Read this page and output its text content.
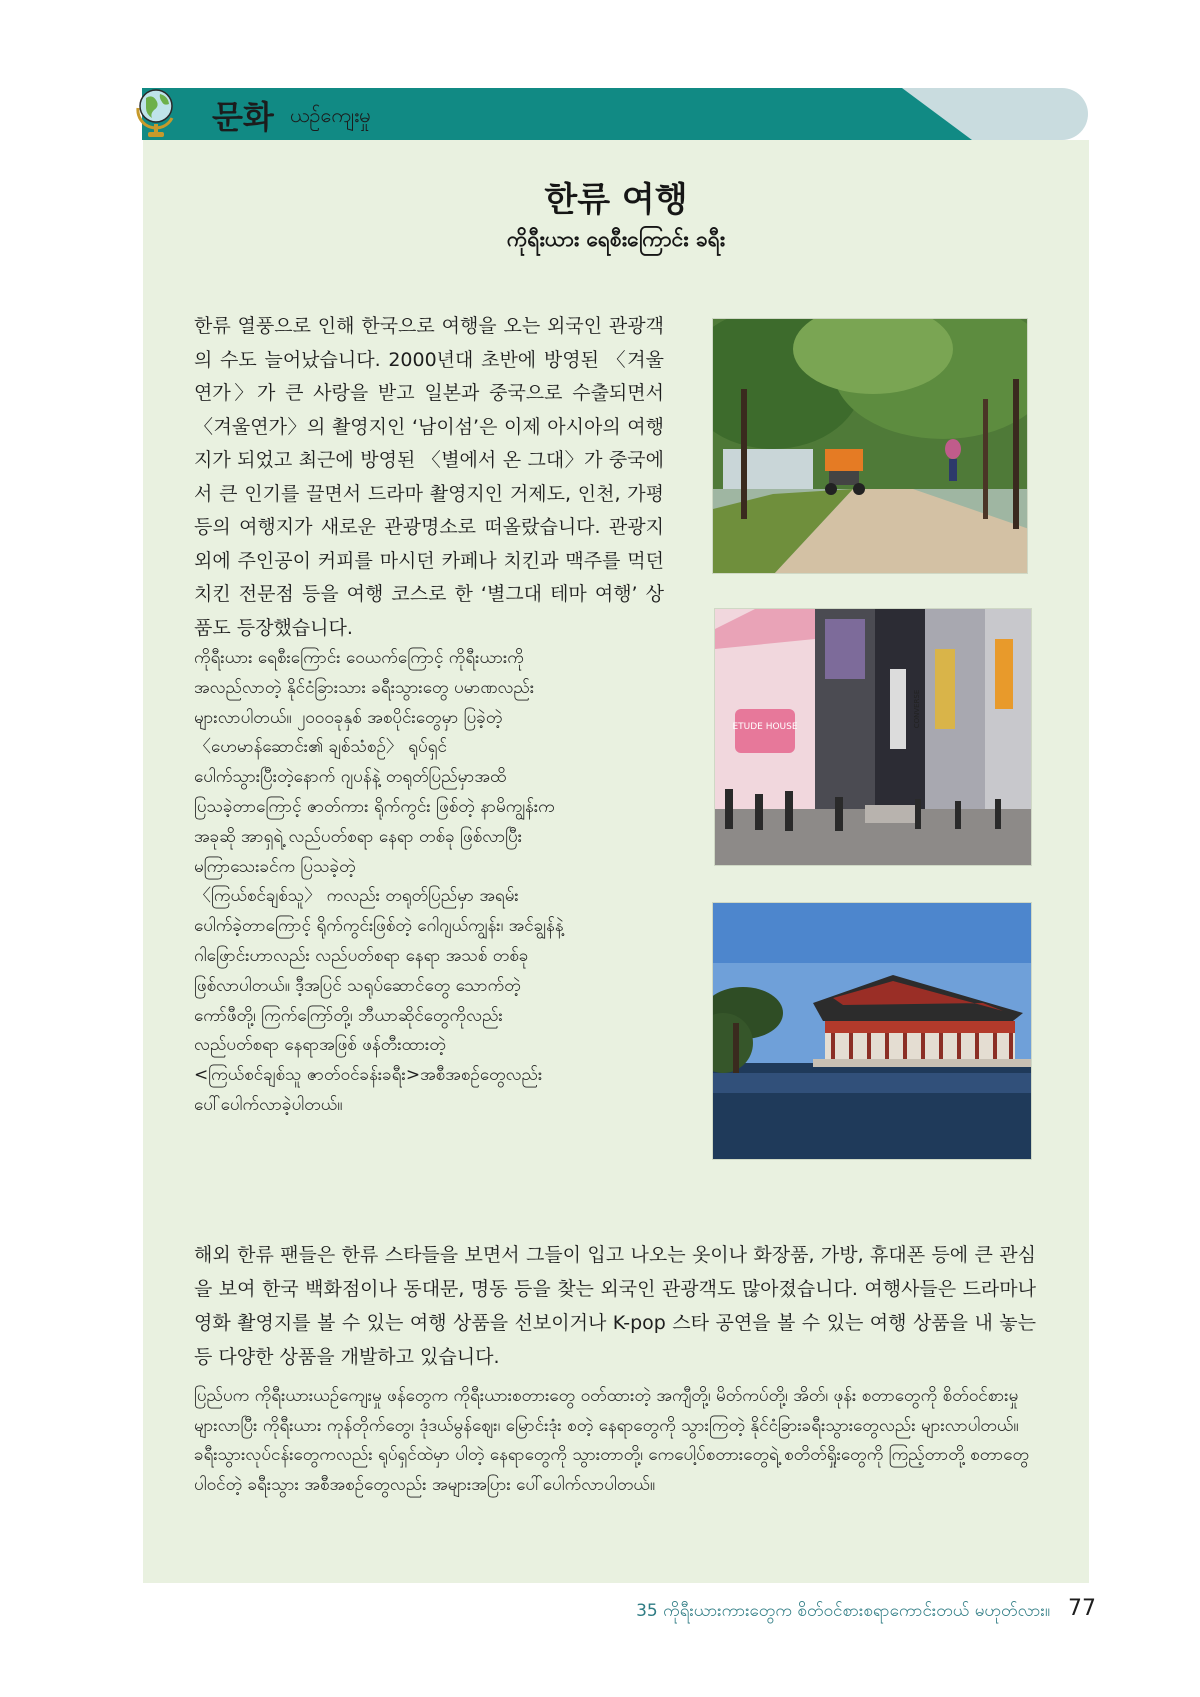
문화 ယဉ်ကျေးမှု
한류 여행
ကိုရီးယား ရေစီးကြောင်း ခရီး

한류 열풍으로 인해 한국으로 여행을 오는 외국인 관광객의 수도 늘어났습니다. 2000년대 초반에 방영된 〈겨울연가〉가 큰 사랑을 받고 일본과 중국으로 수출되면서 〈겨울연가〉의 촬영지인 ‘남이섬’은 이제 아시아의 여행지가 되었고 최근에 방영된 〈별에서 온 그대〉가 중국에서 큰 인기를 끌면서 드라마 촬영지인 거제도, 인천, 가평 등의 여행지가 새로운 관광명소로 떠올랐습니다. 관광지 외에 주인공이 커피를 마시던 카페나 치킨과 맥주를 먹던 치킨 전문점 등을 여행 코스로 한 ‘별그대 테마 여행’ 상품도 등장했습니다.

ကိုရီးယား ရေစီးကြောင်း ဝေယက်ကြောင့် ကိုရီးယားကို
အလည်လာတဲ့ နိုင်ငံခြားသား ခရီးသွားတွေ ပမာဏလည်း
များလာပါတယ်။ ၂၀၀၀ခုနှစ် အစပိုင်းတွေမှာ ပြခဲ့တဲ့
〈ဟေမာန်ဆောင်း၏ ချစ်သံစဉ်〉 ရုပ်ရှင်
ပေါက်သွားပြီးတဲ့နောက် ဂျပန်နဲ့ တရုတ်ပြည်မှာအထိ
ပြသခဲ့တာကြောင့် ဇာတ်ကား ရိုက်ကွင်း ဖြစ်တဲ့ နာမိကျွန်းက
အခုဆို အာရှရဲ့ လည်ပတ်စရာ နေရာ တစ်ခု ဖြစ်လာပြီး
မကြာသေးခင်က ပြသခဲ့တဲ့
〈ကြယ်စင်ချစ်သူ〉 ကလည်း တရုတ်ပြည်မှာ အရမ်း
ပေါက်ခဲ့တာကြောင့် ရိုက်ကွင်းဖြစ်တဲ့ ဂေါဂျယ်ကျွန်း၊ အင်ချွန်နဲ့
ဂါဖြောင်းဟာလည်း လည်ပတ်စရာ နေရာ အသစ် တစ်ခု
ဖြစ်လာပါတယ်။ ဒီ့အပြင် သရုပ်ဆောင်တွေ သောက်တဲ့
ကော်ဖီတို့၊ ကြက်ကြော်တို့၊ ဘီယာဆိုင်တွေကိုလည်း
လည်ပတ်စရာ နေရာအဖြစ် ဖန်တီးထားတဲ့
<ကြယ်စင်ချစ်သူ ဇာတ်ဝင်ခန်းခရီး>အစီအစဉ်တွေလည်း
ပေါ်ပေါက်လာခဲ့ပါတယ်။

ETUDE HOUSE	CONVERSE

해외 한류 팬들은 한류 스타들을 보면서 그들이 입고 나오는 옷이나 화장품, 가방, 휴대폰 등에 큰 관심을 보여 한국 백화점이나 동대문, 명동 등을 찾는 외국인 관광객도 많아졌습니다. 여행사들은 드라마나 영화 촬영지를 볼 수 있는 여행 상품을 선보이거나 K-pop 스타 공연을 볼 수 있는 여행 상품을 내 놓는 등 다양한 상품을 개발하고 있습니다.

ပြည်ပက ကိုရီးယားယဉ်ကျေးမှု ဖန်တွေက ကိုရီးယားစတားတွေ ဝတ်ထားတဲ့ အကျီတို့၊ မိတ်ကပ်တို့၊ အိတ်၊ ဖုန်း စတာတွေကို စိတ်ဝင်စားမှု များလာပြီး ကိုရီးယား ကုန်တိုက်တွေ၊ ဒုံဒယ်မွန်ဈေး၊ မြောင်းဒုံး စတဲ့ နေရာတွေကို သွားကြတဲ့ နိုင်ငံခြားခရီးသွားတွေလည်း များလာပါတယ်။ ခရီးသွားလုပ်ငန်းတွေကလည်း ရုပ်ရှင်ထဲမှာ ပါတဲ့ နေရာတွေကို သွားတာတို့၊ ကေပေါ့ပ်စတားတွေရဲ့ စတိတ်ရှိုးတွေကို ကြည့်တာတို့ စတာတွေ ပါဝင်တဲ့ ခရီးသွား အစီအစဉ်တွေလည်း အများအပြား ပေါ်ပေါက်လာပါတယ်။

35 ကိုရီးယားကားတွေက စိတ်ဝင်စားစရာကောင်းတယ် မဟုတ်လား။ 77
